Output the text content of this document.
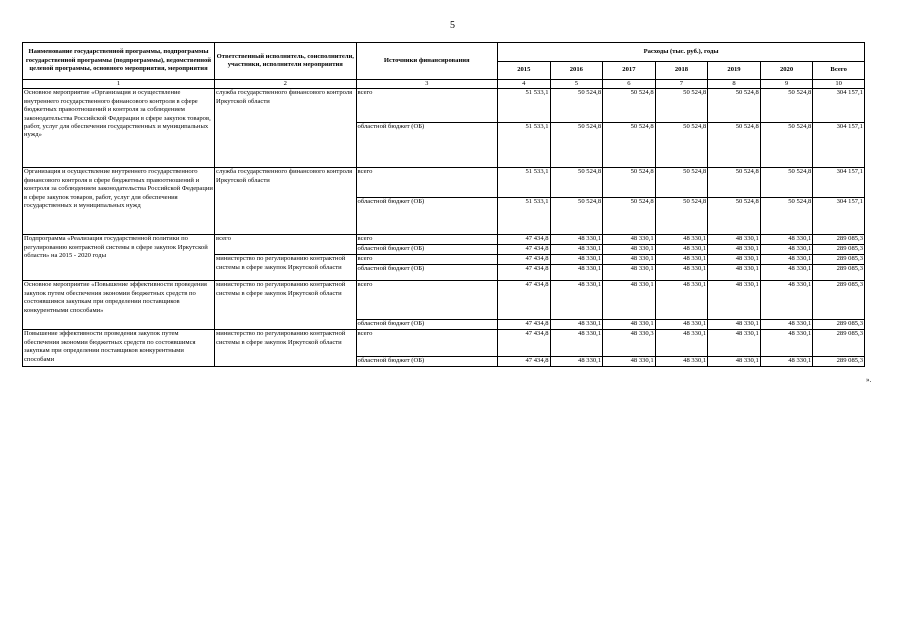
5
Наименование государственной программы, подпрограммы государственной программы (подпрограммы), ведомственной целевой программы, основного мероприятия, мероприятия	Ответственный исполнитель, соисполнители, участники, исполнители мероприятия	Источники финансирования	Расходы (тыс. руб.), годы						
			2015	2016	2017	2018	2019	2020	Всего
1	2	3	4	5	6	7	8	9	10
Основное мероприятие «Организация и осуществление внутреннего государственного финансового контроля в сфере бюджетных правоотношений и контроля за соблюдением законодательства Российской Федерации в сфере закупок товаров, работ, услуг для обеспечения государственных и муниципальных нужд»	служба государственного финансового контроля Иркутской области	всего	51 533,1	50 524,8	50 524,8	50 524,8	50 524,8	50 524,8	304 157,1
		областной бюджет (ОБ)	51 533,1	50 524,8	50 524,8	50 524,8	50 524,8	50 524,8	304 157,1
Организация и осуществление внутреннего государственного финансового контроля в сфере бюджетных правоотношений и контроля за соблюдением законодательства Российской Федерации в сфере закупок товаров, работ, услуг для обеспечения государственных и муниципальных нужд	служба государственного финансового контроля Иркутской области	всего	51 533,1	50 524,8	50 524,8	50 524,8	50 524,8	50 524,8	304 157,1
		областной бюджет (ОБ)	51 533,1	50 524,8	50 524,8	50 524,8	50 524,8	50 524,8	304 157,1
Подпрограмма «Реализация государственной политики по регулированию контрактной системы в сфере закупок Иркутской области» на 2015 - 2020 годы	всего	всего	47 434,8	48 330,1	48 330,1	48 330,1	48 330,1	48 330,1	289 085,3
		областной бюджет (ОБ)	47 434,8	48 330,1	48 330,1	48 330,1	48 330,1	48 330,1	289 085,3
	министерство по регулированию контрактной системы в сфере закупок Иркутской области	всего	47 434,8	48 330,1	48 330,1	48 330,1	48 330,1	48 330,1	289 085,3
		областной бюджет (ОБ)	47 434,8	48 330,1	48 330,1	48 330,1	48 330,1	48 330,1	289 085,3
Основное мероприятие «Повышение эффективности проведения закупок путем обеспечения экономии бюджетных средств по состоявшимся закупкам при определении поставщиков конкурентными способами»	министерство по регулированию контрактной системы в сфере закупок Иркутской области	всего	47 434,8	48 330,1	48 330,1	48 330,1	48 330,1	48 330,1	289 085,3
		областной бюджет (ОБ)	47 434,8	48 330,1	48 330,1	48 330,1	48 330,1	48 330,1	289 085,3
Повышение эффективности проведения закупок путем обеспечения экономии бюджетных средств по состоявшимся закупкам при определении поставщиков конкурентными способами	министерство по регулированию контрактной системы в сфере закупок Иркутской области	всего	47 434,8	48 330,1	48 330,3	48 330,1	48 330,1	48 330,1	289 085,3
		областной бюджет (ОБ)	47 434,8	48 330,1	48 330,1	48 330,1	48 330,1	48 330,1	289 085,3
».
